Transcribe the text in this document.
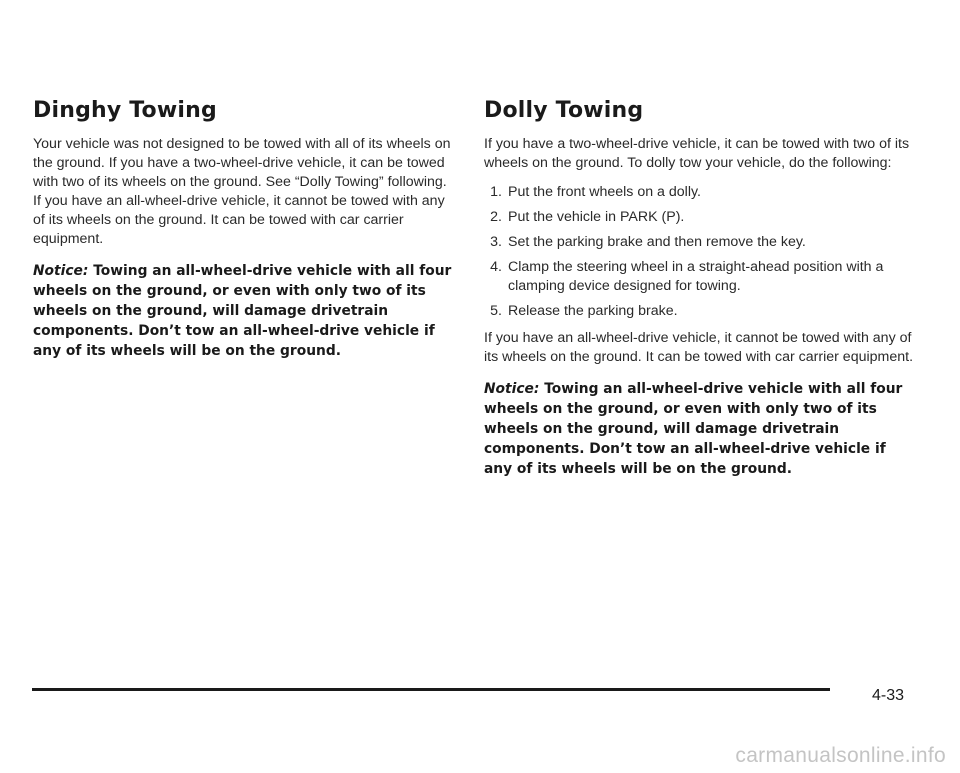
Dinghy Towing

Your vehicle was not designed to be towed with all of its wheels on the ground. If you have a two-wheel-drive vehicle, it can be towed with two of its wheels on the ground. See “Dolly Towing” following. If you have an all-wheel-drive vehicle, it cannot be towed with any of its wheels on the ground. It can be towed with car carrier equipment.

Notice: Towing an all-wheel-drive vehicle with all four wheels on the ground, or even with only two of its wheels on the ground, will damage drivetrain components. Don’t tow an all-wheel-drive vehicle if any of its wheels will be on the ground.

Dolly Towing

If you have a two-wheel-drive vehicle, it can be towed with two of its wheels on the ground. To dolly tow your vehicle, do the following:

1. Put the front wheels on a dolly.
2. Put the vehicle in PARK (P).
3. Set the parking brake and then remove the key.
4. Clamp the steering wheel in a straight-ahead position with a clamping device designed for towing.
5. Release the parking brake.

If you have an all-wheel-drive vehicle, it cannot be towed with any of its wheels on the ground. It can be towed with car carrier equipment.

Notice: Towing an all-wheel-drive vehicle with all four wheels on the ground, or even with only two of its wheels on the ground, will damage drivetrain components. Don’t tow an all-wheel-drive vehicle if any of its wheels will be on the ground.

4-33
carmanualsonline.info
